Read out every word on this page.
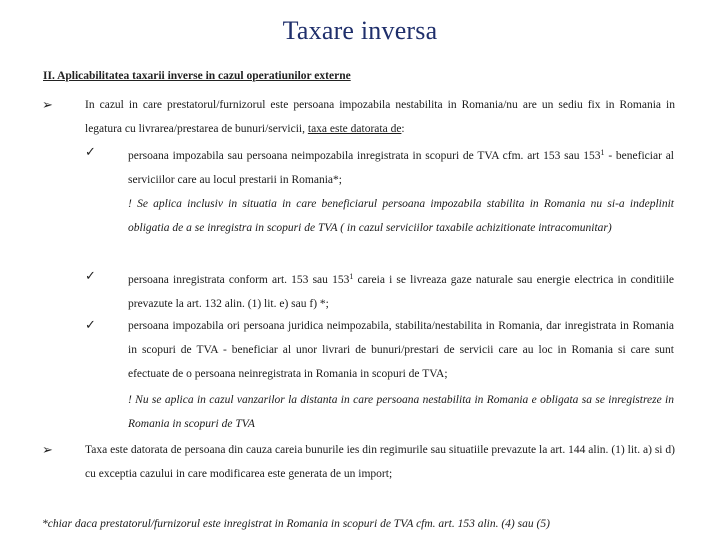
Taxare inversa
II. Aplicabilitatea taxarii inverse in cazul operatiunilor externe
➢	In cazul in care prestatorul/furnizorul este persoana impozabila nestabilita in Romania/nu are un sediu fix in Romania in legatura cu livrarea/prestarea de bunuri/servicii, taxa este datorata de:
✓	persoana impozabila sau persoana neimpozabila inregistrata in scopuri de TVA cfm. art 153 sau $153^1$ - beneficiar al serviciilor care au locul prestarii in Romania*;
! Se aplica inclusiv in situatia in care beneficiarul persoana impozabila stabilita in Romania nu si-a indeplinit obligatia de a se inregistra in scopuri de TVA ( in cazul serviciilor taxabile achizitionate intracomunitar)
✓	persoana inregistrata conform art. 153 sau $153^1$ careia i se livreaza gaze naturale sau energie electrica in conditiile prevazute la art. 132 alin. (1) lit. e) sau f) *;
✓	persoana impozabila ori persoana juridica neimpozabila, stabilita/nestabilita in Romania, dar inregistrata in Romania in scopuri de TVA - beneficiar al unor livrari de bunuri/prestari de servicii care au loc in Romania si care sunt efectuate de o persoana neinregistrata in Romania in scopuri de TVA;
! Nu se aplica in cazul vanzarilor la distanta in care persoana nestabilita in Romania e obligata sa se inregistreze in Romania in scopuri de TVA
➢	Taxa este datorata de persoana din cauza careia bunurile ies din regimurile sau situatiile prevazute la art. 144 alin. (1) lit. a) si d) cu exceptia cazului in care modificarea este generata de un import;
*chiar daca prestatorul/furnizorul este inregistrat in Romania in scopuri de TVA cfm. art. 153 alin. (4) sau (5)
